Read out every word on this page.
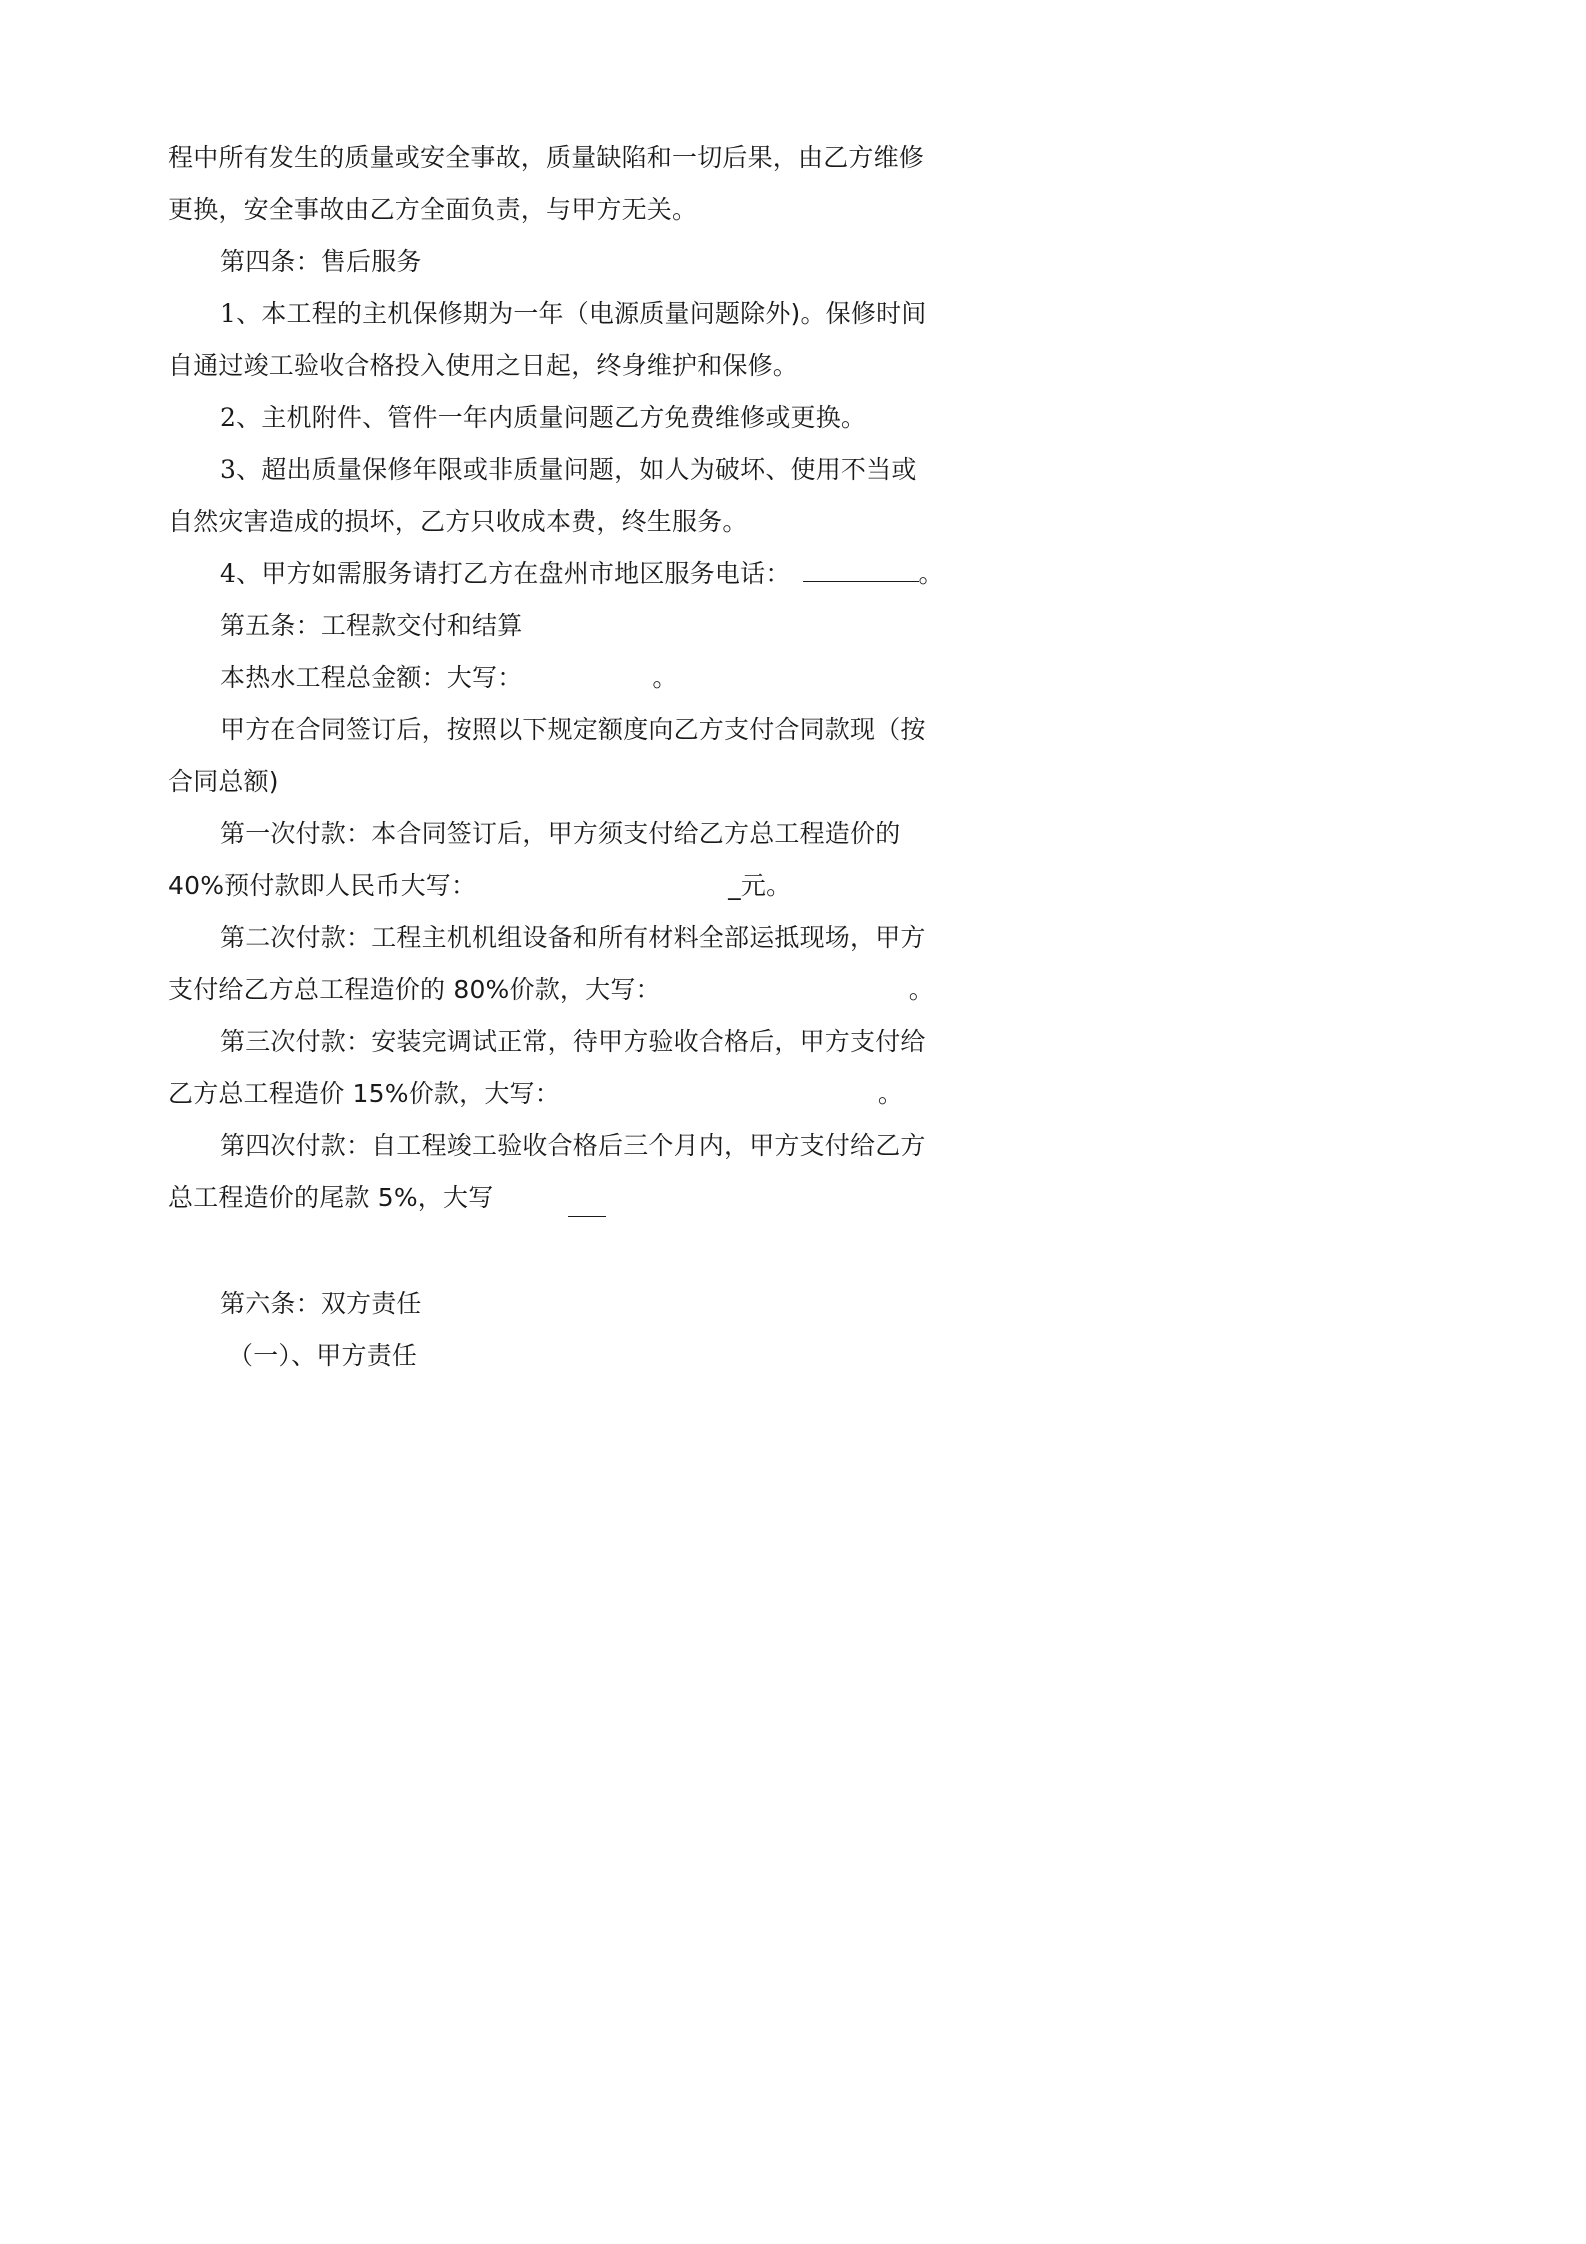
程中所有发生的质量或安全事故，质量缺陷和一切后果，由乙方维修
更换，安全事故由乙方全面负责，与甲方无关。
第四条：售后服务
1、本工程的主机保修期为一年（电源质量问题除外)。保修时间
自通过竣工验收合格投入使用之日起，终身维护和保修。
2、主机附件、管件一年内质量问题乙方免费维修或更换。
3、超出质量保修年限或非质量问题，如人为破坏、使用不当或
自然灾害造成的损坏，乙方只收成本费，终生服务。
4、甲方如需服务请打乙方在盘州市地区服务电话：	。
第五条：工程款交付和结算
本热水工程总金额：大写：	。
甲方在合同签订后，按照以下规定额度向乙方支付合同款现（按
合同总额)
第一次付款：本合同签订后，甲方须支付给乙方总工程造价的
40%预付款即人民币大写：	_元。
第二次付款：工程主机机组设备和所有材料全部运抵现场，甲方
支付给乙方总工程造价的 80%价款，大写：	。
第三次付款：安装完调试正常，待甲方验收合格后，甲方支付给
乙方总工程造价 15%价款，大写：	。
第四次付款：自工程竣工验收合格后三个月内，甲方支付给乙方
总工程造价的尾款 5%，大写
第六条：双方责任
（一）、甲方责任
